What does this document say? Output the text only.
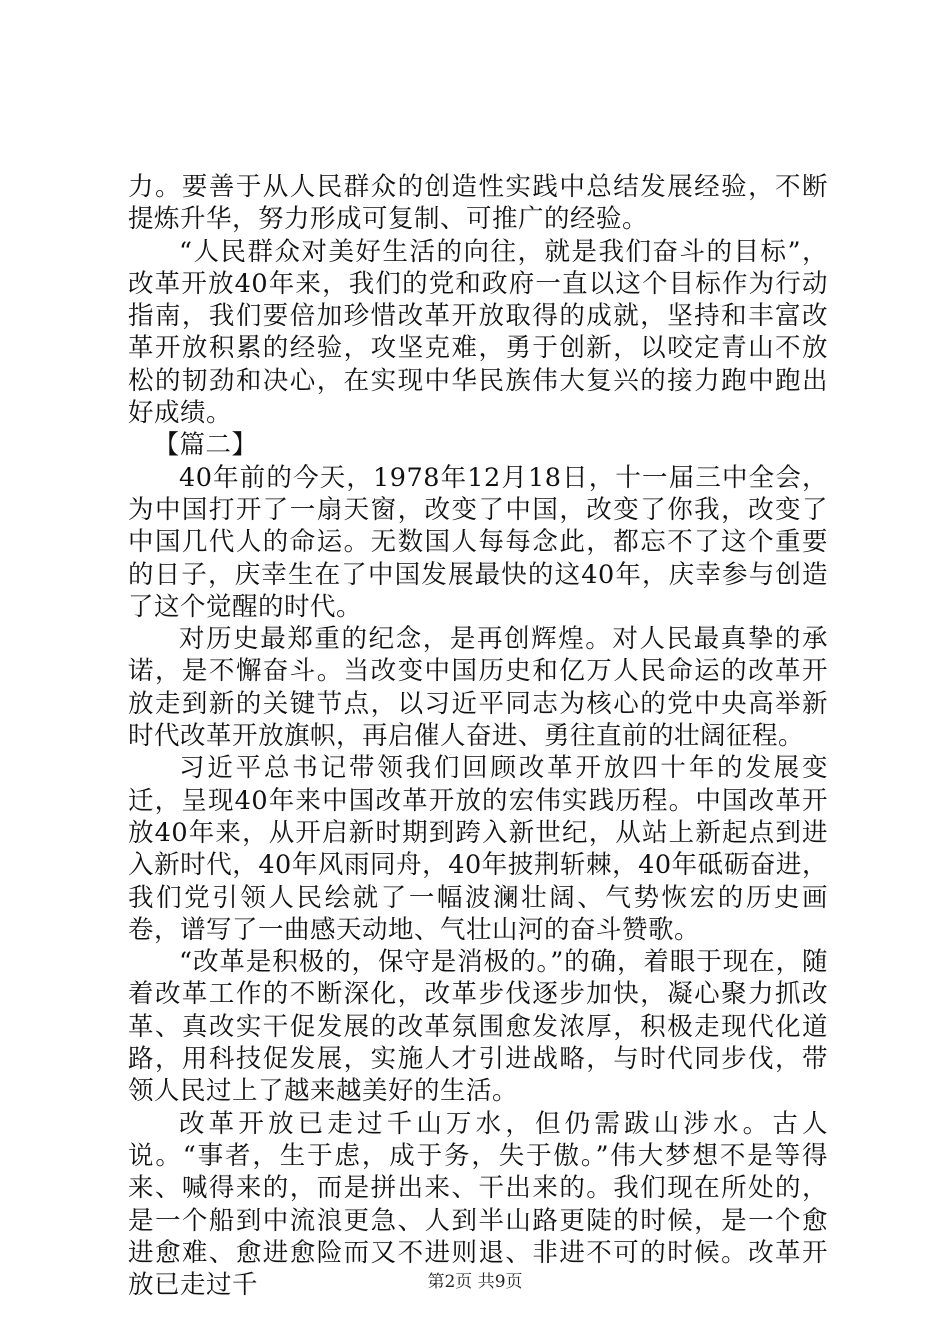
力。要善于从人民群众的创造性实践中总结发展经验，不断提炼升华，努力形成可复制、可推广的经验。

“人民群众对美好生活的向往，就是我们奋斗的目标”，改革开放40年来，我们的党和政府一直以这个目标作为行动指南，我们要倍加珍惜改革开放取得的成就，坚持和丰富改革开放积累的经验，攻坚克难，勇于创新，以咬定青山不放松的韧劲和决心，在实现中华民族伟大复兴的接力跑中跑出好成绩。

【篇二】

40年前的今天，1978年12月18日，十一届三中全会，为中国打开了一扇天窗，改变了中国，改变了你我，改变了中国几代人的命运。无数国人每每念此，都忘不了这个重要的日子，庆幸生在了中国发展最快的这40年，庆幸参与创造了这个觉醒的时代。

对历史最郑重的纪念，是再创辉煌。对人民最真挚的承诺，是不懈奋斗。当改变中国历史和亿万人民命运的改革开放走到新的关键节点，以习近平同志为核心的党中央高举新时代改革开放旗帜，再启催人奋进、勇往直前的壮阔征程。

习近平总书记带领我们回顾改革开放四十年的发展变迁，呈现40年来中国改革开放的宏伟实践历程。中国改革开放40年来，从开启新时期到跨入新世纪，从站上新起点到进入新时代，40年风雨同舟，40年披荆斩棘，40年砥砺奋进，我们党引领人民绘就了一幅波澜壮阔、气势恢宏的历史画卷，谱写了一曲感天动地、气壮山河的奋斗赞歌。

“改革是积极的，保守是消极的。”的确，着眼于现在，随着改革工作的不断深化，改革步伐逐步加快，凝心聚力抓改革、真改实干促发展的改革氛围愈发浓厚，积极走现代化道路，用科技促发展，实施人才引进战略，与时代同步伐，带领人民过上了越来越美好的生活。

改革开放已走过千山万水，但仍需跋山涉水。古人说。“事者，生于虑，成于务，失于傲。”伟大梦想不是等得来、喊得来的，而是拼出来、干出来的。我们现在所处的，是一个船到中流浪更急、人到半山路更陡的时候，是一个愈进愈难、愈进愈险而又不进则退、非进不可的时候。改革开放已走过千	第2页 共9页
